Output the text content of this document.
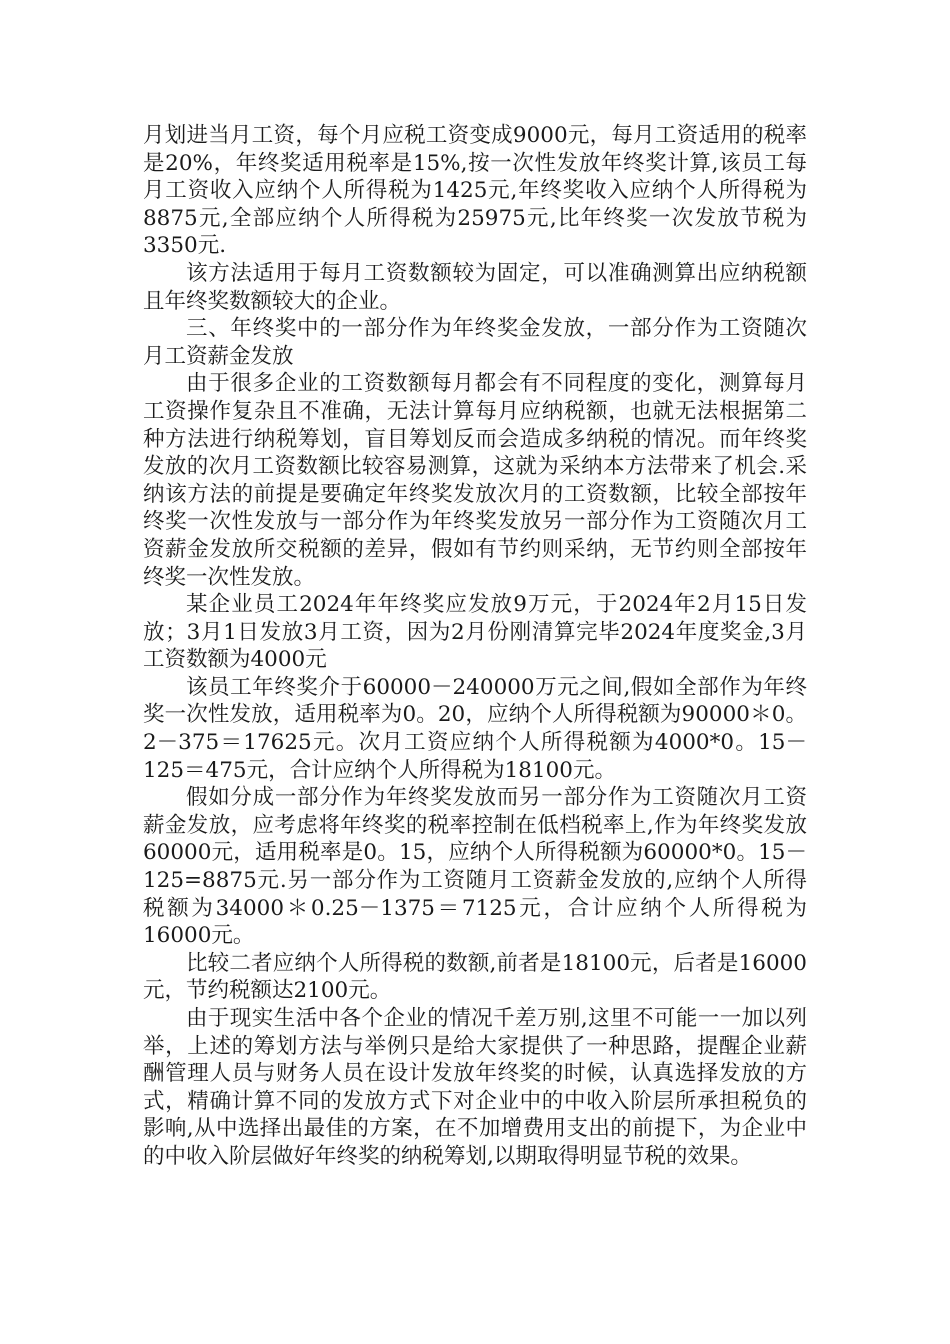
月划进当月工资，每个月应税工资变成9000元，每月工资适用的税率是20%，年终奖适用税率是15%,按一次性发放年终奖计算,该员工每月工资收入应纳个人所得税为1425元,年终奖收入应纳个人所得税为8875元,全部应纳个人所得税为25975元,比年终奖一次发放节税为3350元.

该方法适用于每月工资数额较为固定，可以准确测算出应纳税额且年终奖数额较大的企业。

三、年终奖中的一部分作为年终奖金发放，一部分作为工资随次月工资薪金发放

由于很多企业的工资数额每月都会有不同程度的变化，测算每月工资操作复杂且不准确，无法计算每月应纳税额，也就无法根据第二种方法进行纳税筹划，盲目筹划反而会造成多纳税的情况。而年终奖发放的次月工资数额比较容易测算，这就为采纳本方法带来了机会.采纳该方法的前提是要确定年终奖发放次月的工资数额，比较全部按年终奖一次性发放与一部分作为年终奖发放另一部分作为工资随次月工资薪金发放所交税额的差异，假如有节约则采纳，无节约则全部按年终奖一次性发放。

某企业员工2024年年终奖应发放9万元，于2024年2月15日发放；3月1日发放3月工资，因为2月份刚清算完毕2024年度奖金,3月工资数额为4000元

该员工年终奖介于60000－240000万元之间,假如全部作为年终奖一次性发放，适用税率为0。20，应纳个人所得税额为90000＊0。2－375＝17625元。次月工资应纳个人所得税额为4000*0。15－125＝475元，合计应纳个人所得税为18100元。

假如分成一部分作为年终奖发放而另一部分作为工资随次月工资薪金发放，应考虑将年终奖的税率控制在低档税率上,作为年终奖发放60000元，适用税率是0。15，应纳个人所得税额为60000*0。15－125=8875元.另一部分作为工资随月工资薪金发放的,应纳个人所得税额为34000＊0.25－1375＝7125元，合计应纳个人所得税为16000元。

比较二者应纳个人所得税的数额,前者是18100元，后者是16000元，节约税额达2100元。

由于现实生活中各个企业的情况千差万别,这里不可能一一加以列举，上述的筹划方法与举例只是给大家提供了一种思路，提醒企业薪酬管理人员与财务人员在设计发放年终奖的时候，认真选择发放的方式，精确计算不同的发放方式下对企业中的中收入阶层所承担税负的影响,从中选择出最佳的方案，在不加增费用支出的前提下，为企业中的中收入阶层做好年终奖的纳税筹划,以期取得明显节税的效果。
